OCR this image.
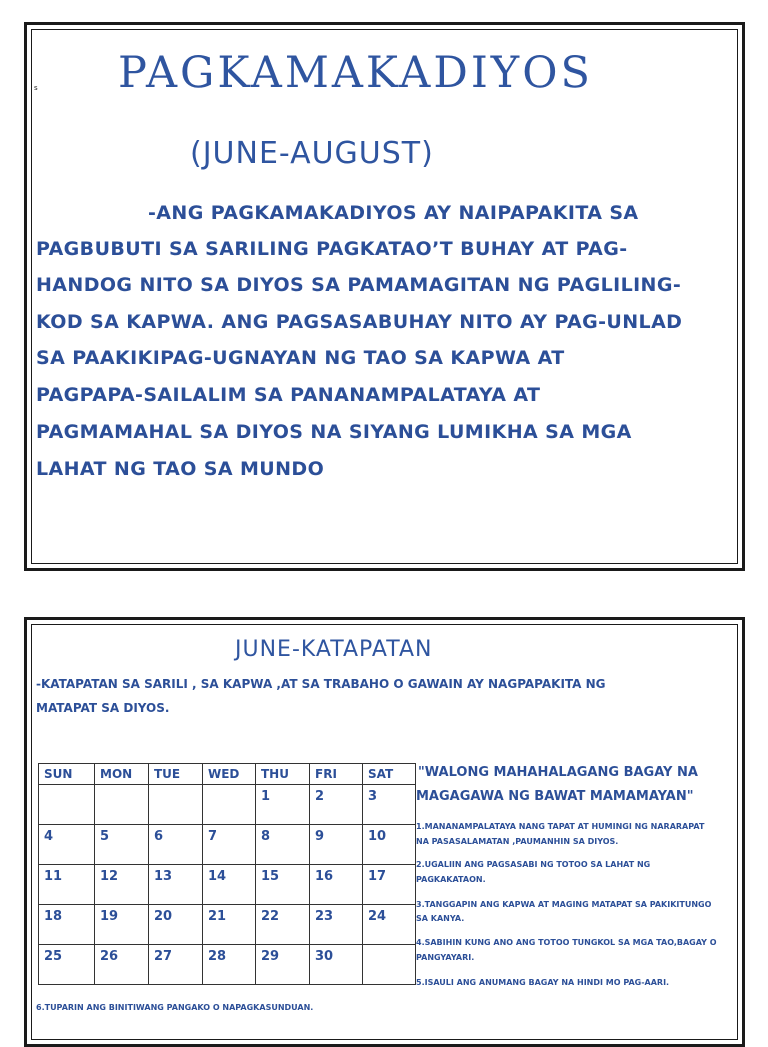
PAGKAMAKADIYOS
s
(JUNE-AUGUST)
-ANG PAGKAMAKADIYOS AY NAIPAPAKITA SA
PAGBUBUTI SA SARILING PAGKATAO’T BUHAY AT PAG-
HANDOG NITO SA DIYOS SA PAMAMAGITAN NG PAGLILING-
KOD SA KAPWA. ANG PAGSASABUHAY NITO AY PAG-UNLAD
SA PAAKIKIPAG-UGNAYAN NG TAO SA KAPWA AT
PAGPAPA-SAILALIM SA PANANAMPALATAYA AT
PAGMAMAHAL SA DIYOS NA SIYANG LUMIKHA SA MGA
LAHAT NG TAO SA MUNDO
JUNE-KATAPATAN
-KATAPATAN SA SARILI , SA KAPWA ,AT SA TRABAHO O GAWAIN AY NAGPAPAKITA NG
MATAPAT SA DIYOS.
SUN	MON	TUE	WED	THU	FRI	SAT
				1	2	3
4	5	6	7	8	9	10
11	12	13	14	15	16	17
18	19	20	21	22	23	24
25	26	27	28	29	30	
"WALONG MAHAHALAGANG BAGAY NA
MAGAGAWA NG BAWAT MAMAMAYAN"
1.MANANAMPALATAYA NANG TAPAT AT HUMINGI NG NARARAPAT
NA PASASALAMATAN ,PAUMANHIN SA DIYOS.
2.UGALIIN ANG PAGSASABI NG TOTOO SA LAHAT NG
PAGKAKATAON.
3.TANGGAPIN ANG KAPWA AT MAGING MATAPAT SA PAKIKITUNGO
SA KANYA.
4.SABIHIN KUNG ANO ANG TOTOO TUNGKOL SA MGA TAO,BAGAY O
PANGYAYARI.
5.ISAULI ANG ANUMANG BAGAY NA HINDI MO PAG-AARI.
6.TUPARIN ANG BINITIWANG PANGAKO O NAPAGKASUNDUAN.
